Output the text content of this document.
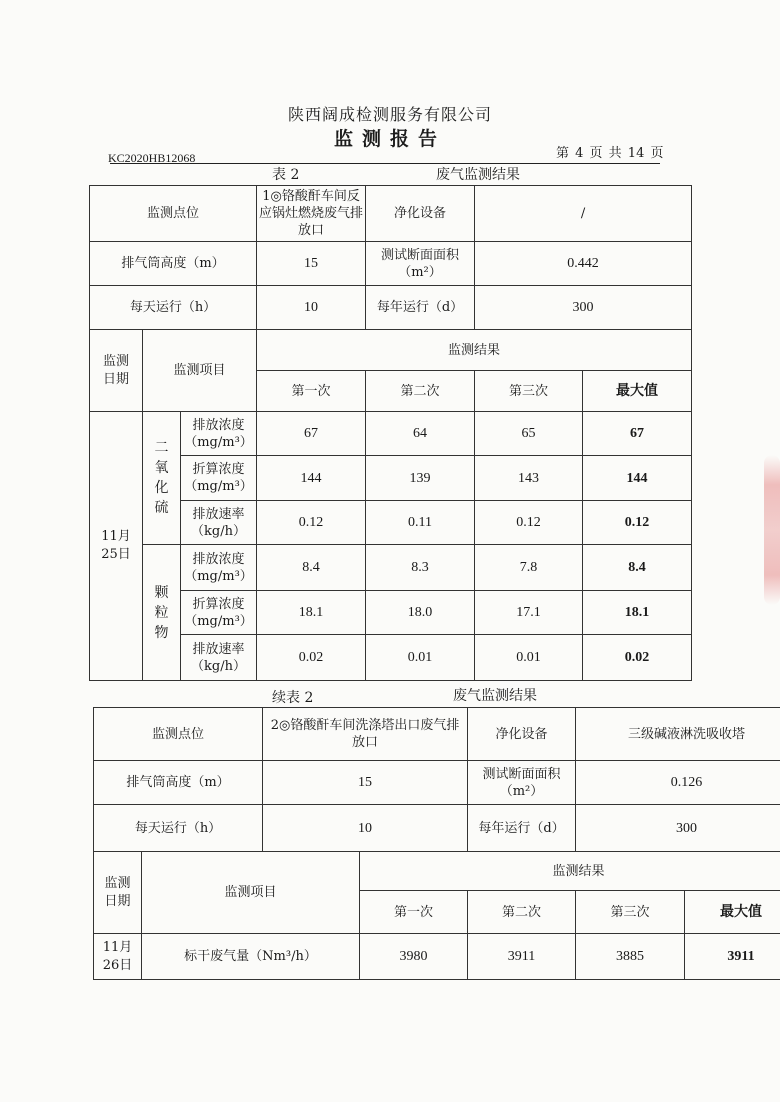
陕西阔成检测服务有限公司
监测报告
第 4 页 共 14 页
KC2020HB12068
表 2	废气监测结果
监测点位			1◎铬酸酐车间反应锅灶燃烧废气排放口	净化设备	/	
排气筒高度（m）			15	测试断面面积（m²）	0.442	
每天运行（h）			10	每年运行（d）	300	
监测日期	监测项目		监测结果			
			第一次	第二次	第三次	最大值
11月25日	二氧化硫	排放浓度（mg/m³）	67	64	65	67
		折算浓度（mg/m³）	144	139	143	144
		排放速率（kg/h）	0.12	0.11	0.12	0.12
	颗粒物	排放浓度（mg/m³）	8.4	8.3	7.8	8.4
		折算浓度（mg/m³）	18.1	18.0	17.1	18.1
		排放速率（kg/h）	0.02	0.01	0.01	0.02
续表 2	废气监测结果
监测点位		2◎铬酸酐车间洗涤塔出口废气排放口		净化设备	三级碱液淋洗吸收塔	
排气筒高度（m）		15		测试断面面积（m²）	0.126	
每天运行（h）		10		每年运行（d）	300	
监测日期	监测项目		监测结果			
			第一次	第二次	第三次	最大值
11月26日	标干废气量（Nm³/h）		3980	3911	3885	3911
